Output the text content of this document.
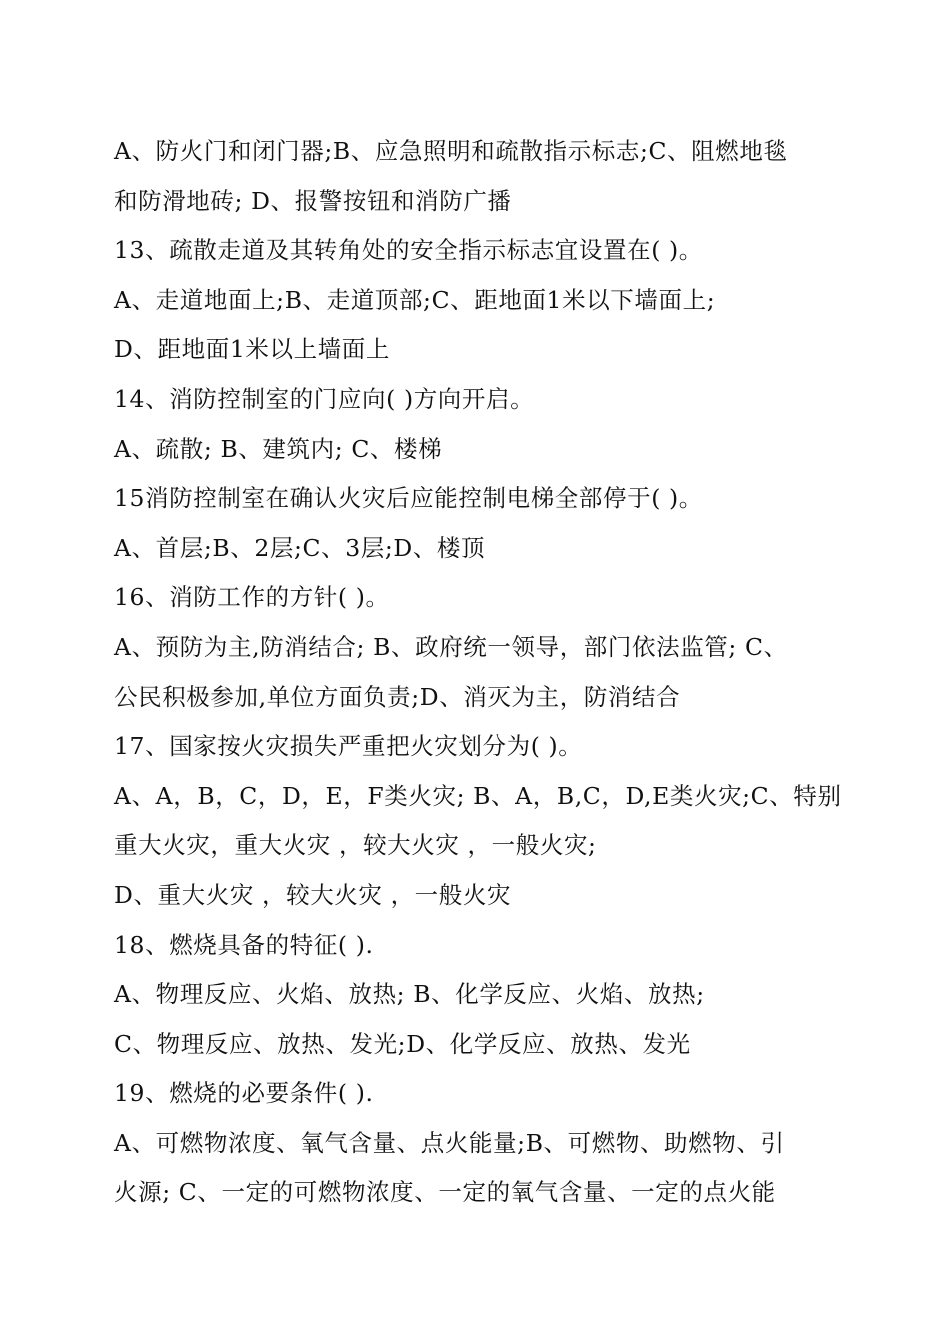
A、防火门和闭门器;B、应急照明和疏散指示标志;C、阻燃地毯
和防滑地砖; D、报警按钮和消防广播
13、疏散走道及其转角处的安全指示标志宜设置在( )。
A、走道地面上;B、走道顶部;C、距地面1米以下墙面上;
D、距地面1米以上墙面上
14、消防控制室的门应向( )方向开启。
A、疏散; B、建筑内; C、楼梯
15消防控制室在确认火灾后应能控制电梯全部停于( )。
A、首层;B、2层;C、3层;D、楼顶
16、消防工作的方针( )。
A、预防为主,防消结合; B、政府统一领导，部门依法监管; C、
公民积极参加,单位方面负责;D、消灭为主，防消结合
17、国家按火灾损失严重把火灾划分为( )。
A、A，B，C，D，E，F类火灾; B、A，B,C，D,E类火灾;C、特别
重大火灾，重大火灾 ，较大火灾 ，一般火灾;
D、重大火灾 ，较大火灾 ，一般火灾
18、燃烧具备的特征( ).
A、物理反应、火焰、放热; B、化学反应、火焰、放热;
C、物理反应、放热、发光;D、化学反应、放热、发光
19、燃烧的必要条件( ).
A、可燃物浓度、氧气含量、点火能量;B、可燃物、助燃物、引
火源; C、一定的可燃物浓度、一定的氧气含量、一定的点火能
